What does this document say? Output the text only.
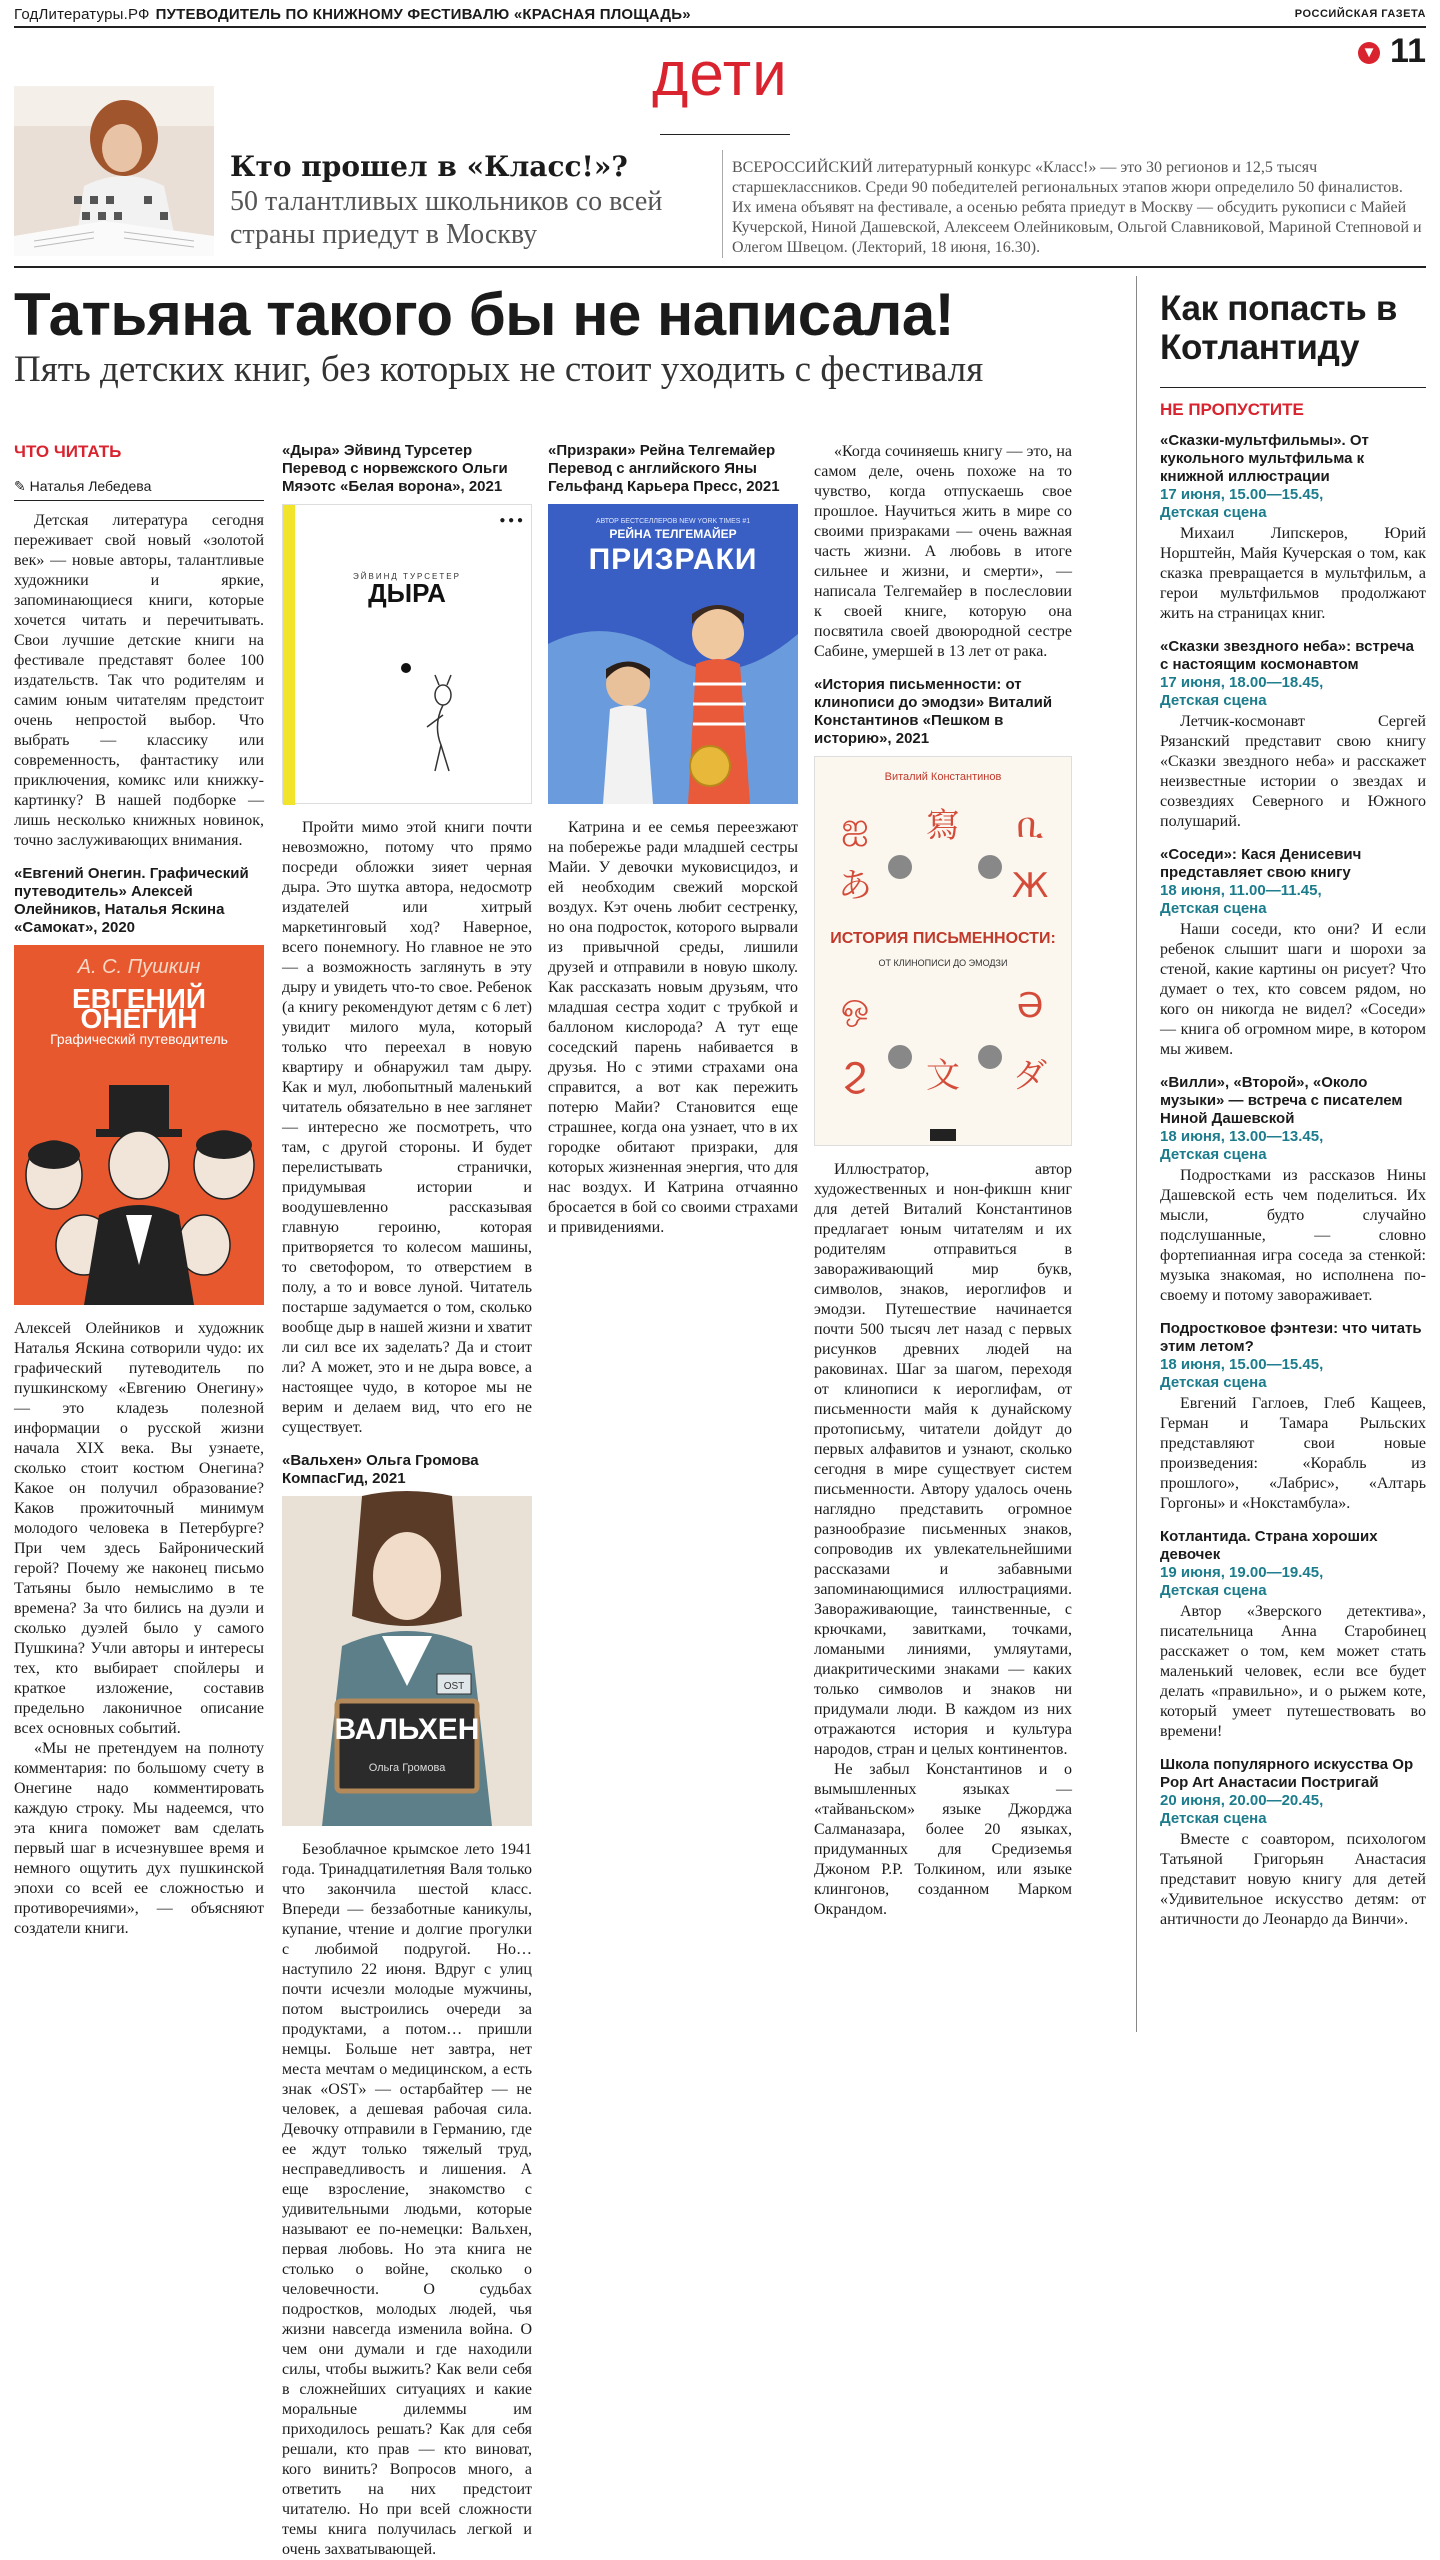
ГодЛитературы.РФ ПУТЕВОДИТЕЛЬ ПО КНИЖНОМУ ФЕСТИВАЛЮ «КРАСНАЯ ПЛОЩАДЬ»	РОССИЙСКАЯ ГАЗЕТА
▼ 11
дети
Кто прошел в «Класс!»?
50 талантливых школьников со всей страны приедут в Москву
ВСЕРОССИЙСКИЙ литературный конкурс «Класс!» — это 30 регионов и 12,5 тысяч старшеклассников. Среди 90 победителей региональных этапов жюри определило 50 финалистов. Их имена объявят на фестивале, а осенью ребята приедут в Москву — обсудить рукописи с Майей Кучерской, Ниной Дашевской, Алексеем Олейниковым, Ольгой Славниковой, Мариной Степновой и Олегом Швецом. (Лекторий, 18 июня, 16.30).
Татьяна такого бы не написала!
Пять детских книг, без которых не стоит уходить с фестиваля
ЧТО ЧИТАТЬ
✎ Наталья Лебедева

Детская литература сегодня переживает свой новый «золотой век» — новые авторы, талантливые художники и яркие, запоминающиеся книги, которые хочется читать и перечитывать. Свои лучшие детские книги на фестивале представят более 100 издательств. Так что родителям и самим юным читателям предстоит очень непростой выбор. Что выбрать — классику или современность, фантастику или приключения, комикс или книжку-картинку? В нашей подборке — лишь несколько книжных новинок, точно заслуживающих внимания.

«Евгений Онегин. Графический путеводитель» Алексей Олейников, Наталья Яскина «Самокат», 2020
А. С. Пушкин
ЕВГЕНИЙ ОНЕГИН
Графический путеводитель

Алексей Олейников и художник Наталья Яскина сотворили чудо: их графический путеводитель по пушкинскому «Евгению Онегину» — это кладезь полезной информации о русской жизни начала XIX века. Вы узнаете, сколько стоит костюм Онегина? Какое он получил образование? Каков прожиточный минимум молодого человека в Петербурге? При чем здесь Байронический герой? Почему же наконец письмо Татьяны было немыслимо в те времена? За что бились на дуэли и сколько дуэлей было у самого Пушкина? Учли авторы и интересы тех, кто выбирает спойлеры и краткое изложение, составив предельно лаконичное описание всех основных событий.

«Мы не претендуем на полноту комментария: по большому счету в Онегине надо комментировать каждую строку. Мы надеемся, что эта книга поможет вам сделать первый шаг в исчезнувшее время и немного ощутить дух пушкинской эпохи со всей ее сложностью и противоречиями», — объясняют создатели книги.

«Дыра» Эйвинд Турсетер Перевод с норвежского Ольги Мяэотс «Белая ворона», 2021
ЭЙВИНД ТУРСЕТЕР
ДЫРА
● ● ●

Пройти мимо этой книги почти невозможно, потому что прямо посреди обложки зияет черная дыра. Это шутка автора, недосмотр издателей или хитрый маркетинговый ход? Наверное, всего понемногу. Но главное не это — а возможность заглянуть в эту дыру и увидеть что-то свое. Ребенок (а книгу рекомендуют детям с 6 лет) увидит милого мула, который только что переехал в новую квартиру и обнаружил там дыру. Как и мул, любопытный маленький читатель обязательно в нее заглянет — интересно же посмотреть, что там, с другой стороны. И будет перелистывать странички, придумывая истории и воодушевленно рассказывая главную героиню, которая притворяется то колесом машины, то светофором, то отверстием в полу, а то и вовсе луной. Читатель постарше задумается о том, сколько вообще дыр в нашей жизни и хватит ли сил все их заделать? Да и стоит ли? А может, это и не дыра вовсе, а настоящее чудо, в которое мы не верим и делаем вид, что его не существует.

«Вальхен» Ольга Громова КомпасГид, 2021
OST
ВАЛЬХЕН
Ольга Громова

Безоблачное крымское лето 1941 года. Тринадцатилетняя Валя только что закончила шестой класс. Впереди — беззаботные каникулы, купание, чтение и долгие прогулки с любимой подругой. Но… наступило 22 июня. Вдруг с улиц почти исчезли молодые мужчины, потом выстроились очереди за продуктами, а потом… пришли немцы. Больше нет завтра, нет места мечтам о медицинском, а есть знак «OST» — остарбайтер — не человек, а дешевая рабочая сила. Девочку отправили в Германию, где ее ждут только тяжелый труд, несправедливость и лишения. А еще взросление, знакомство с удивительными людьми, которые называют ее по-немецки: Вальхен, первая любовь. Но эта книга не столько о войне, сколько о человечности. О судьбах подростков, молодых людей, чья жизни навсегда изменила война. О чем они думали и где находили силы, чтобы выжить? Как вели себя в сложнейших ситуациях и какие моральные дилеммы им приходилось решать? Как для себя решали, кто прав — кто виноват, кого винить? Вопросов много, а ответить на них предстоит читателю. Но при всей сложности темы книга получилась легкой и очень захватывающей.

«Призраки» Рейна Телгемайер Перевод с английского Яны Гельфанд Карьера Пресс, 2021
АВТОР БЕСТСЕЛЛЕРОВ NEW YORK TIMES #1
РЕЙНА ТЕЛГЕМАЙЕР
ПРИЗРАКИ

Катрина и ее семья переезжают на побережье ради младшей сестры Майи. У девочки муковисцидоз, и ей необходим свежий морской воздух. Кэт очень любит сестренку, но она подросток, которого вырвали из привычной среды, лишили друзей и отправили в новую школу. Как рассказать новым друзьям, что младшая сестра ходит с трубкой и баллоном кислорода? А тут еще соседский парень набивается в друзья. Но с этими страхами она справится, а вот как пережить потерю Майи? Становится еще страшнее, когда она узнает, что в их городке обитают призраки, для которых жизненная энергия, что для нас воздух. И Катрина отчаянно бросается в бой со своими страхами и привидениями.

«Когда сочиняешь книгу — это, на самом деле, очень похоже на то чувство, когда отпускаешь свое прошлое. Научиться жить в мире со своими призраками — очень важная часть жизни. А любовь в итоге сильнее и жизни, и смерти», — написала Телгемайер в послесловии к своей книге, которую она посвятила своей двоюродной сестре Сабине, умершей в 13 лет от рака.

«История письменности: от клинописи до эмодзи» Виталий Константинов «Пешком в историю», 2021
Виталий Константинов
ஐ 寫 ቢ
あ	Ж
ஒ	Ә
Ϩ 文 ダ
ИСТОРИЯ ПИСЬМЕННОСТИ:
ОТ КЛИНОПИСИ ДО ЭМОДЗИ

Иллюстратор, автор художественных и нон-фикшн книг для детей Виталий Константинов предлагает юным читателям и их родителям отправиться в завораживающий мир букв, символов, знаков, иероглифов и эмодзи. Путешествие начинается почти 500 тысяч лет назад с первых рисунков древних людей на раковинах. Шаг за шагом, переходя от клинописи к иероглифам, от письменности майя к дунайскому протописьму, читатели дойдут до первых алфавитов и узнают, сколько сегодня в мире существует систем письменности. Автору удалось очень наглядно представить огромное разнообразие письменных знаков, сопроводив их увлекательнейшими рассказами и забавными запоминающимися иллюстрациями. Завораживающие, таинственные, с крючками, завитками, точками, ломаными линиями, умляутами, диакритическими знаками — каких только символов и знаков ни придумали люди. В каждом из них отражаются история и культура народов, стран и целых континентов.

Не забыл Константинов и о вымышленных языках — «тайваньском» языке Джорджа Салманазара, более 20 языках, придуманных для Средиземья Джоном Р.Р. Толкином, или языке клингонов, созданном Марком Окрандом.

Как попасть в Котлантиду
НЕ ПРОПУСТИТЕ
«Сказки-мультфильмы». От кукольного мультфильма к книжной иллюстрации
17 июня, 15.00—15.45,
Детская сцена
Михаил Липскеров, Юрий Норштейн, Майя Кучерская о том, как сказка превращается в мультфильм, а герои мультфильмов продолжают жить на страницах книг.
«Сказки звездного неба»: встреча с настоящим космонавтом
17 июня, 18.00—18.45,
Детская сцена
Летчик-космонавт Сергей Рязанский представит свою книгу «Сказки звездного неба» и расскажет неизвестные истории о звездах и созвездиях Северного и Южного полушарий.
«Соседи»: Кася Денисевич представляет свою книгу
18 июня, 11.00—11.45,
Детская сцена
Наши соседи, кто они? И если ребенок слышит шаги и шорохи за стеной, какие картины он рисует? Что думает о тех, кто совсем рядом, но кого он никогда не видел? «Соседи» — книга об огромном мире, в котором мы живем.
«Вилли», «Второй», «Около музыки» — встреча с писателем Ниной Дашевской
18 июня, 13.00—13.45,
Детская сцена
Подростками из рассказов Нины Дашевской есть чем поделиться. Их мысли, будто случайно подслушанные, — словно фортепианная игра соседа за стенкой: музыка знакомая, но исполнена по-своему и потому завораживает.
Подростковое фэнтези: что читать этим летом?
18 июня, 15.00—15.45,
Детская сцена
Евгений Гаглоев, Глеб Кащеев, Герман и Тамара Рыльских представляют свои новые произведения: «Корабль из прошлого», «Лабрис», «Алтарь Горгоны» и «Нокстамбула».
Котлантида. Страна хороших девочек
19 июня, 19.00—19.45,
Детская сцена
Автор «Зверского детектива», писательница Анна Старобинец расскажет о том, кем может стать маленький человек, если все будет делать «правильно», и о рыжем коте, который умеет путешествовать во времени!
Школа популярного искусства Op Pop Art Анастасии Постригай
20 июня, 20.00—20.45,
Детская сцена
Вместе с соавтором, психологом Татьяной Григорьян Анастасия представит новую книгу для детей «Удивительное искусство детям: от античности до Леонардо да Винчи».
